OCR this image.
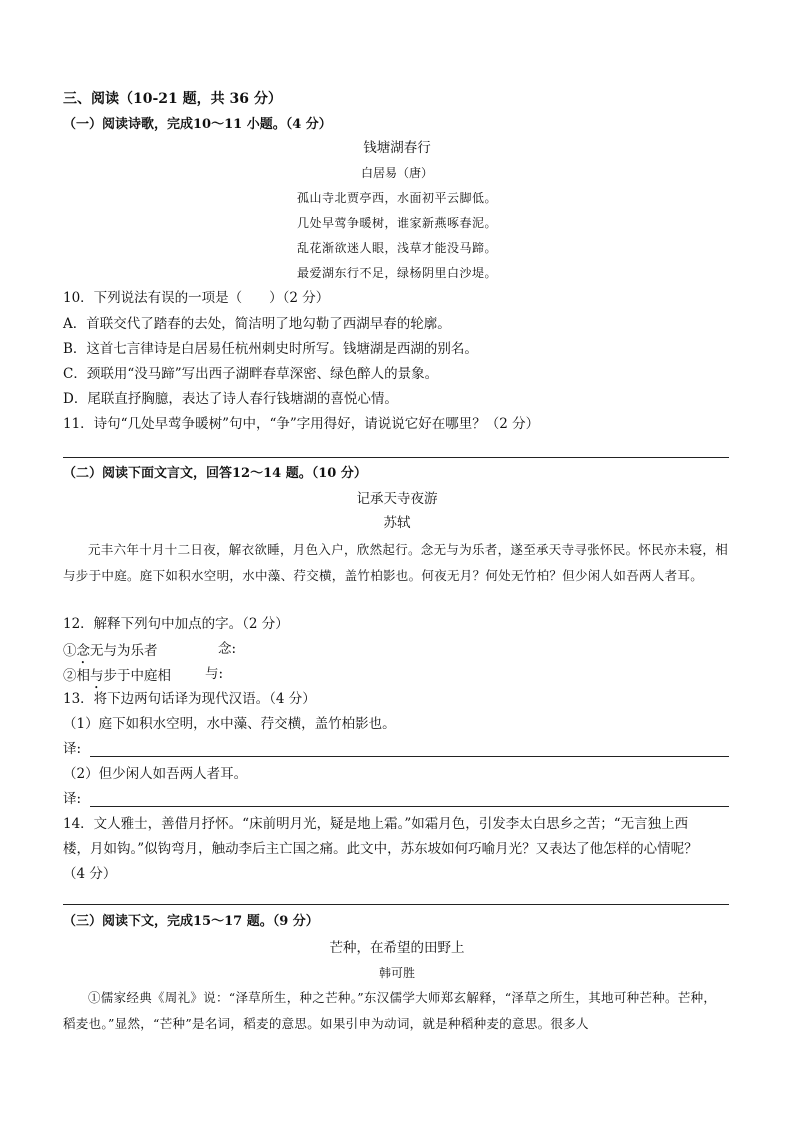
三、阅读（10-21 题，共 36 分）
（一）阅读诗歌，完成10～11 小题。（4 分）
钱塘湖春行
白居易（唐）
孤山寺北贾亭西，水面初平云脚低。
几处早莺争暖树，谁家新燕啄春泥。
乱花渐欲迷人眼，浅草才能没马蹄。
最爱湖东行不足，绿杨阴里白沙堤。
10．下列说法有误的一项是（　　）（2 分）
A．首联交代了踏春的去处，简洁明了地勾勒了西湖早春的轮廓。
B．这首七言律诗是白居易任杭州刺史时所写。钱塘湖是西湖的别名。
C．颈联用“没马蹄”写出西子湖畔春草深密、绿色醉人的景象。
D．尾联直抒胸臆，表达了诗人春行钱塘湖的喜悦心情。
11．诗句“几处早莺争暖树”句中，“争”字用得好，请说说它好在哪里？（2 分）
（二）阅读下面文言文，回答12～14 题。（10 分）
记承天寺夜游
苏轼
元丰六年十月十二日夜，解衣欲睡，月色入户，欣然起行。念无与为乐者，遂至承天寺寻张怀民。怀民亦未寝，相与步于中庭。庭下如积水空明，水中藻、荇交横，盖竹柏影也。何夜无月？何处无竹柏？但少闲人如吾两人者耳。
12．解释下列句中加点的字。（2 分）
①念无与为乐者	念:
②相与步于中庭相	与:
13．将下边两句话译为现代汉语。（4 分）
（1）庭下如积水空明，水中藻、荇交横，盖竹柏影也。
译:
（2）但少闲人如吾两人者耳。
译:
14．文人雅士，善借月抒怀。“床前明月光，疑是地上霜。”如霜月色，引发李太白思乡之苦；“无言独上西
楼，月如钩。”似钩弯月，触动李后主亡国之痛。此文中，苏东坡如何巧喻月光？又表达了他怎样的心情呢？
（4 分）
（三）阅读下文，完成15～17 题。（9 分）
芒种，在希望的田野上
韩可胜
①儒家经典《周礼》说：“泽草所生，种之芒种。”东汉儒学大师郑玄解释，“泽草之所生，其地可种芒种。芒种，稻麦也。”显然，“芒种”是名词，稻麦的意思。如果引申为动词，就是种稻种麦的意思。很多人
